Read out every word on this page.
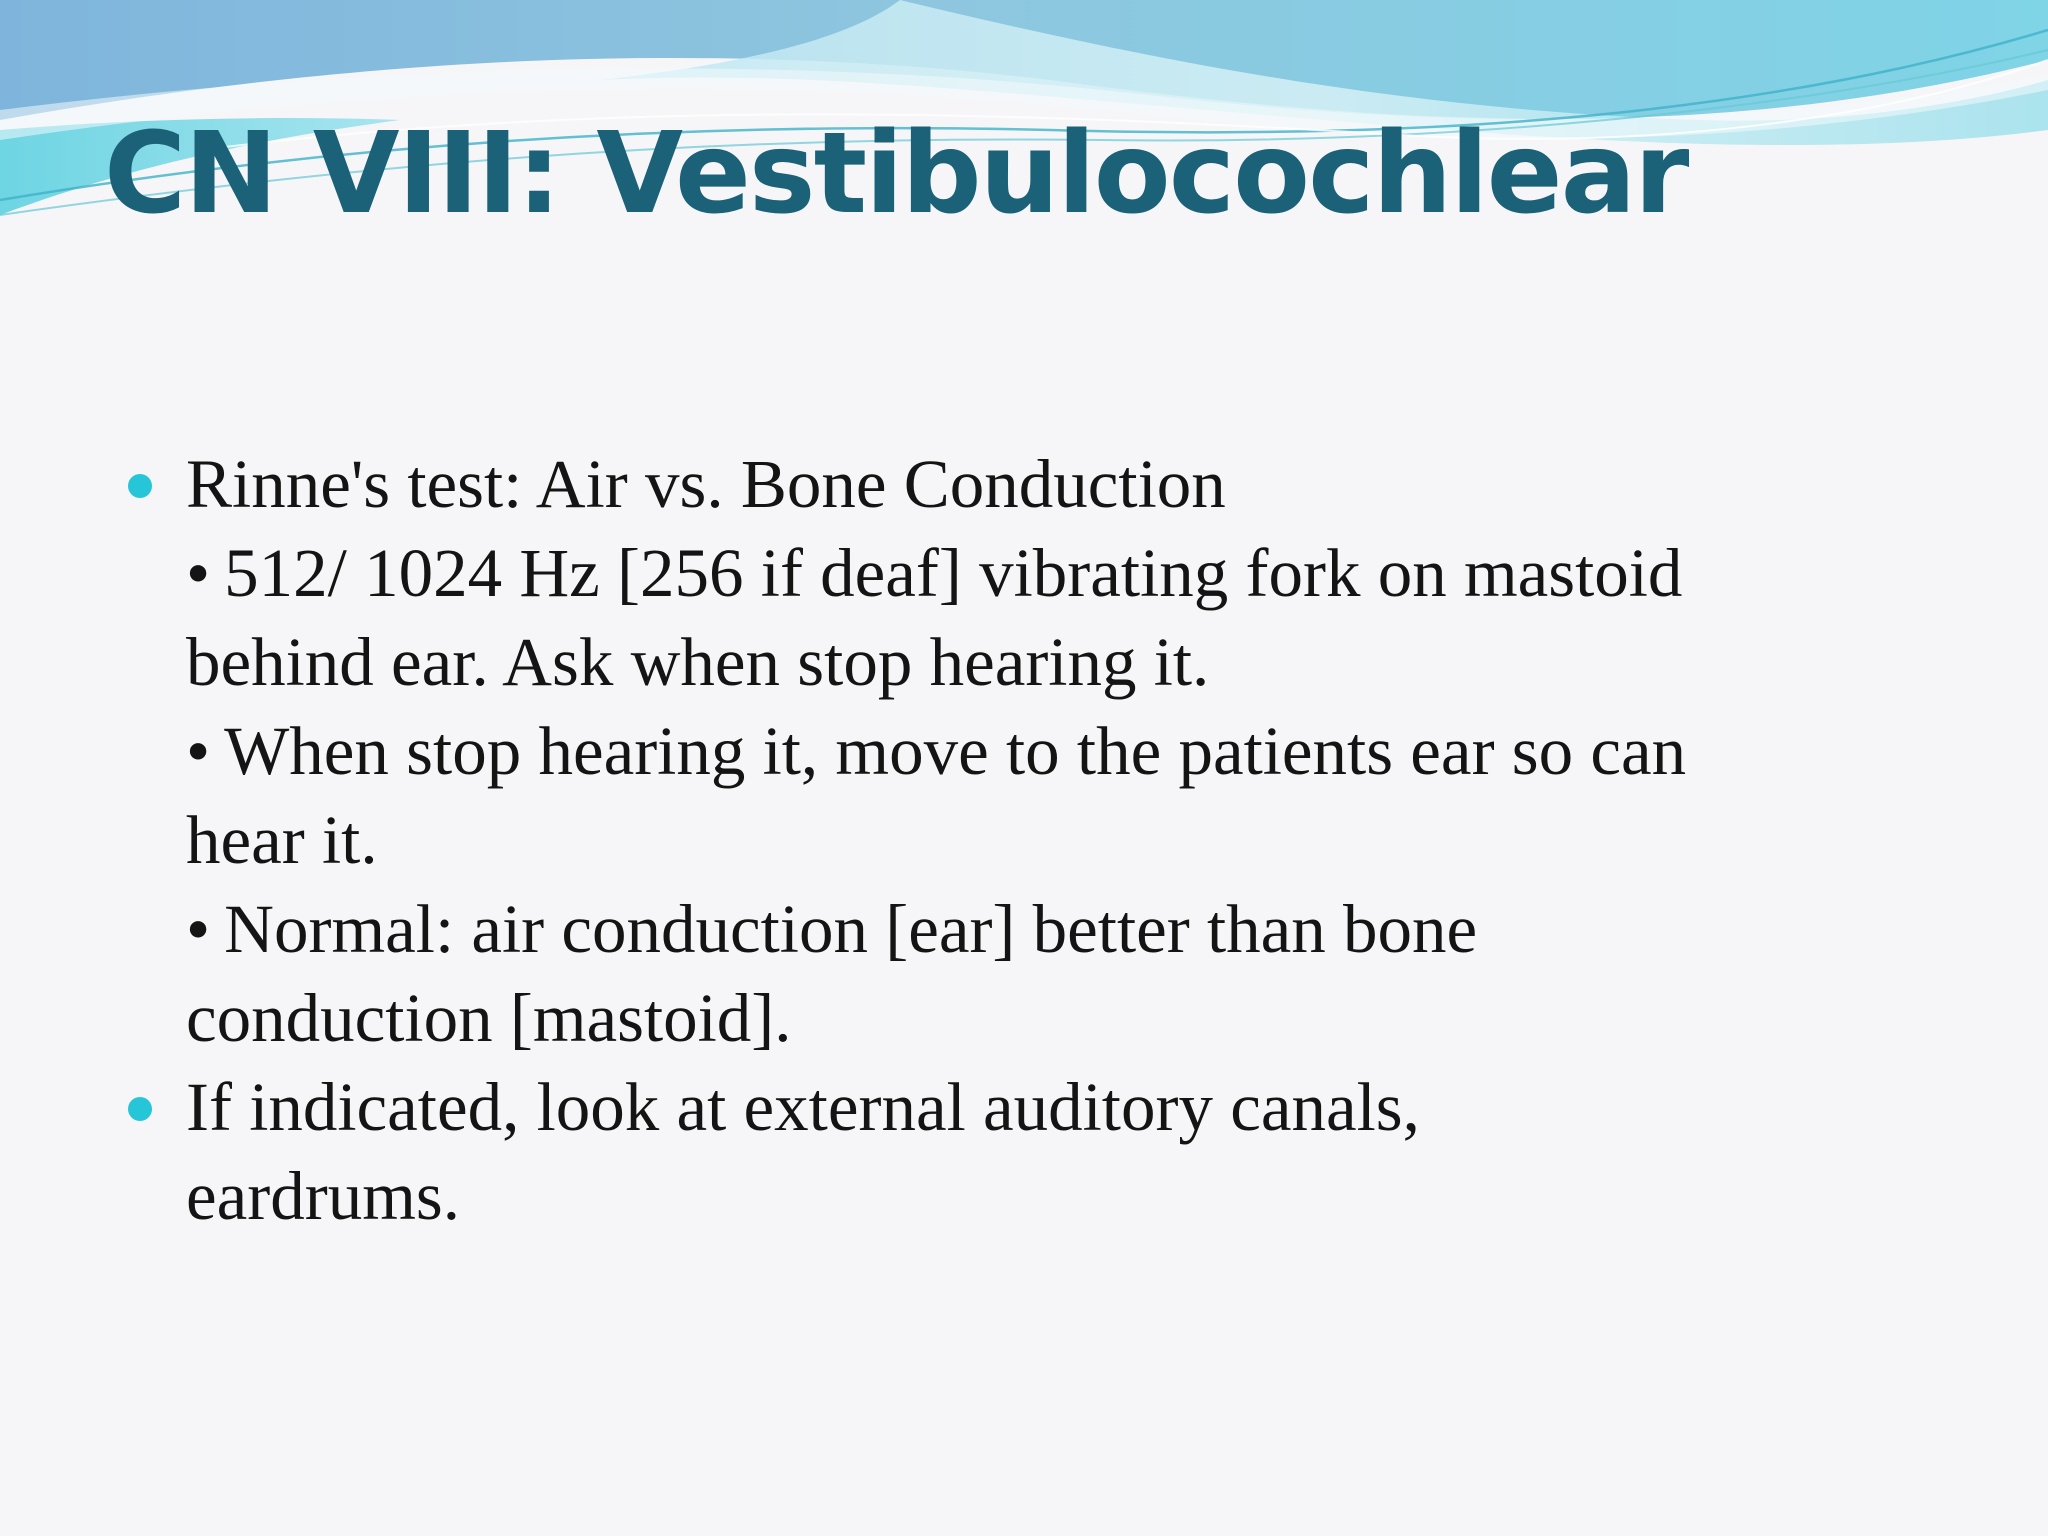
CN VIII: Vestibulocochlear
Rinne's test: Air vs. Bone Conduction
• 512/ 1024 Hz [256 if deaf] vibrating fork on mastoid
behind ear. Ask when stop hearing it.
• When stop hearing it, move to the patients ear so can
hear it.
• Normal: air conduction [ear] better than bone
conduction [mastoid].
If indicated, look at external auditory canals,
eardrums.
